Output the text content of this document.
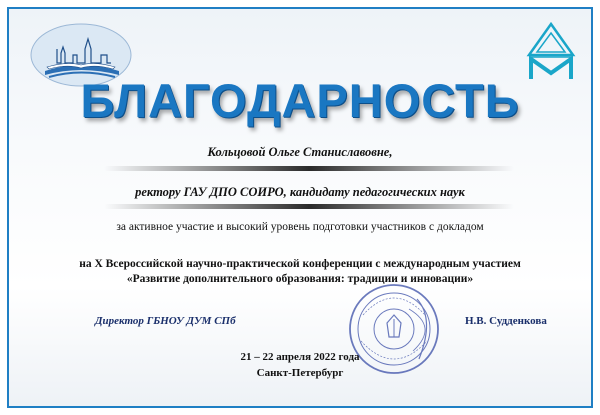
БЛАГОДАРНОСТЬ
Кольцовой Ольге Станиславовне,
ректору ГАУ ДПО СОИРО, кандидату педагогических наук
за активное участие и высокий уровень подготовки участников с докладом
на X Всероссийской научно-практической конференции с международным участием
«Развитие дополнительного образования: традиции и инновации»
Директор ГБНОУ ДУМ СПб	Н.В. Судденкова
21 – 22 апреля 2022 года
Санкт-Петербург
